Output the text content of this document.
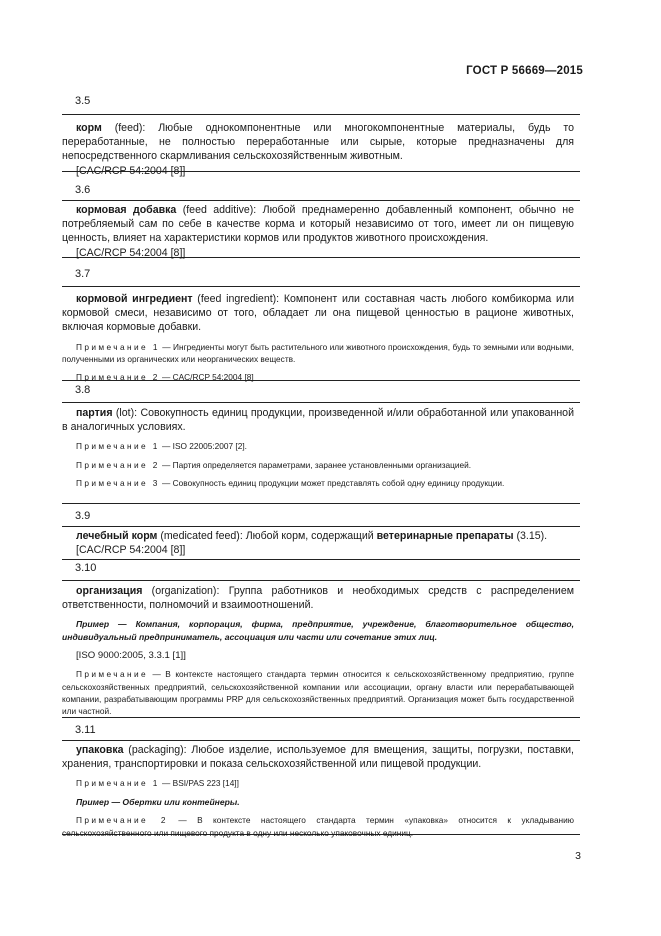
ГОСТ Р 56669—2015
3.5

корм (feed): Любые однокомпонентные или многокомпонентные материалы, будь то переработанные, не полностью переработанные или сырые, которые предназначены для непосредственного скармливания сельскохозяйственным животным.

[CAC/RCP 54:2004 [8]]

3.6

кормовая добавка (feed additive): Любой преднамеренно добавленный компонент, обычно не потребляемый сам по себе в качестве корма и который независимо от того, имеет ли он пищевую ценность, влияет на характеристики кормов или продуктов животного происхождения.

[CAC/RCP 54:2004 [8]]

3.7

кормовой ингредиент (feed ingredient): Компонент или составная часть любого комбикорма или кормовой смеси, независимо от того, обладает ли она пищевой ценностью в рационе животных, включая кормовые добавки.

Примечание 1 — Ингредиенты могут быть растительного или животного происхождения, будь то земными или водными, полученными из органических или неорганических веществ.

Примечание 2 — CAC/RCP 54:2004 [8]

3.8

партия (lot): Совокупность единиц продукции, произведенной и/или обработанной или упакованной в аналогичных условиях.

Примечание 1 — ISO 22005:2007 [2].

Примечание 2 — Партия определяется параметрами, заранее установленными организацией.

Примечание 3 — Совокупность единиц продукции может представлять собой одну единицу продукции.

3.9

лечебный корм (medicated feed): Любой корм, содержащий ветеринарные препараты (3.15).

[CAC/RCP 54:2004 [8]]

3.10

организация (organization): Группа работников и необходимых средств с распределением ответственности, полномочий и взаимоотношений.

Пример — Компания, корпорация, фирма, предприятие, учреждение, благотворительное общество, индивидуальный предприниматель, ассоциация или части или сочетание этих лиц.

[ISO 9000:2005, 3.3.1 [1]]

Примечание — В контексте настоящего стандарта термин относится к сельскохозяйственному предприятию, группе сельскохозяйственных предприятий, сельскохозяйственной компании или ассоциации, органу власти или перерабатывающей компании, разрабатывающим программы PRP для сельскохозяйственных предприятий. Организация может быть государственной или частной.

3.11

упаковка (packaging): Любое изделие, используемое для вмещения, защиты, погрузки, поставки, хранения, транспортировки и показа сельскохозяйственной или пищевой продукции.

Примечание 1 — BSI/PAS 223 [14]]

Пример — Обертки или контейнеры.

Примечание 2 — В контексте настоящего стандарта термин «упаковка» относится к укладыванию сельскохозяйственного или пищевого продукта в одну или несколько упаковочных единиц.

3
